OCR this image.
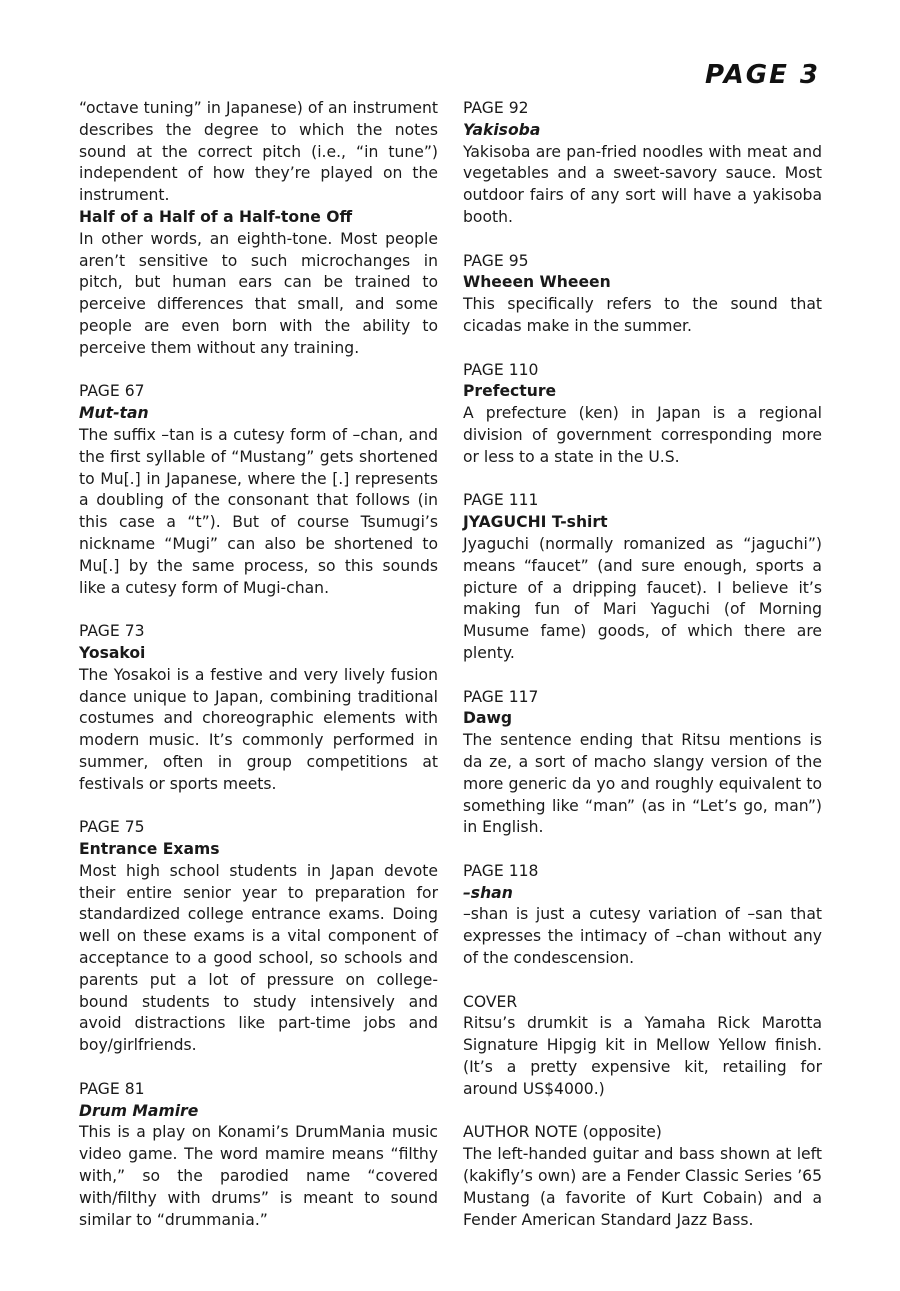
PAGE 3

“octave tuning” in Japanese) of an instrument describes the degree to which the notes sound at the correct pitch (i.e., “in tune”) independent of how they’re played on the instrument.

Half of a Half of a Half-tone Off

In other words, an eighth-tone. Most people aren’t sensitive to such microchanges in pitch, but human ears can be trained to perceive differences that small, and some people are even born with the ability to perceive them without any training.

PAGE 67

Mut-tan

The suffix –tan is a cutesy form of –chan, and the first syllable of “Mustang” gets shortened to Mu[.] in Japanese, where the [.] represents a doubling of the consonant that follows (in this case a “t”). But of course Tsumugi’s nickname “Mugi” can also be shortened to Mu[.] by the same process, so this sounds like a cutesy form of Mugi-chan.

PAGE 73

Yosakoi

The Yosakoi is a festive and very lively fusion dance unique to Japan, combining traditional costumes and choreographic elements with modern music. It’s commonly performed in summer, often in group competitions at festivals or sports meets.

PAGE 75

Entrance Exams

Most high school students in Japan devote their entire senior year to preparation for standardized college entrance exams. Doing well on these exams is a vital component of acceptance to a good school, so schools and parents put a lot of pressure on college-bound students to study intensively and avoid distractions like part-time jobs and boy/girlfriends.

PAGE 81

Drum Mamire

This is a play on Konami’s DrumMania music video game. The word mamire means “filthy with,” so the parodied name “covered with/filthy with drums” is meant to sound similar to “drummania.”

PAGE 92

Yakisoba

Yakisoba are pan-fried noodles with meat and vegetables and a sweet-savory sauce. Most outdoor fairs of any sort will have a yakisoba booth.

PAGE 95

Wheeen Wheeen

This specifically refers to the sound that cicadas make in the summer.

PAGE 110

Prefecture

A prefecture (ken) in Japan is a regional division of government corresponding more or less to a state in the U.S.

PAGE 111

JYAGUCHI T-shirt

Jyaguchi (normally romanized as “jaguchi”) means “faucet” (and sure enough, sports a picture of a dripping faucet). I believe it’s making fun of Mari Yaguchi (of Morning Musume fame) goods, of which there are plenty.

PAGE 117

Dawg

The sentence ending that Ritsu mentions is da ze, a sort of macho slangy version of the more generic da yo and roughly equivalent to something like “man” (as in “Let’s go, man”) in English.

PAGE 118

–shan

–shan is just a cutesy variation of –san that expresses the intimacy of –chan without any of the condescension.

COVER

Ritsu’s drumkit is a Yamaha Rick Marotta Signature Hipgig kit in Mellow Yellow finish. (It’s a pretty expensive kit, retailing for around US$4000.)

AUTHOR NOTE (opposite)

The left-handed guitar and bass shown at left (kakifly’s own) are a Fender Classic Series ’65 Mustang (a favorite of Kurt Cobain) and a Fender American Standard Jazz Bass.
